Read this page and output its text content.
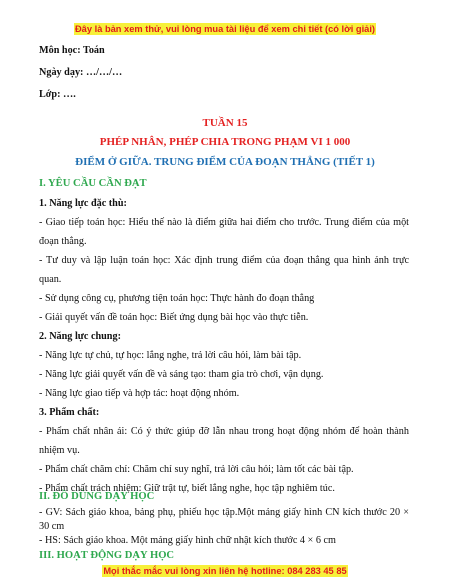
Đây là bản xem thử, vui lòng mua tài liệu để xem chi tiết (có lời giải)
Môn học: Toán
Ngày dạy: …/…/…
Lớp: ….
TUẦN 15
PHÉP NHÂN, PHÉP CHIA TRONG PHẠM VI 1 000
ĐIỂM Ở GIỮA. TRUNG ĐIỂM CỦA ĐOẠN THẲNG (TIẾT 1)
I. YÊU CẦU CẦN ĐẠT
1. Năng lực đặc thù:
- Giao tiếp toán học: Hiểu thế nào là điểm giữa hai điểm cho trước. Trung điểm của một
đoạn thẳng.
- Tư duy và lập luận toán học: Xác định trung điểm của đoạn thẳng qua hình ảnh trực
quan.
- Sử dụng công cụ, phương tiện toán học: Thực hành đo đoạn thẳng
- Giải quyết vấn đề toán học: Biết ứng dụng bài học vào thực tiễn.
2. Năng lực chung:
- Năng lực tự chủ, tự học: lắng nghe, trả lời câu hỏi, làm bài tập.
- Năng lực giải quyết vấn đề và sáng tạo: tham gia trò chơi, vận dụng.
- Năng lực giao tiếp và hợp tác: hoạt động nhóm.
3. Phẩm chất:
- Phẩm chất nhân ái: Có ý thức giúp đỡ lẫn nhau trong hoạt động nhóm để hoàn thành
nhiệm vụ.
- Phẩm chất chăm chỉ: Chăm chỉ suy nghĩ, trả lời câu hỏi; làm tốt các bài tập.
- Phẩm chất trách nhiệm: Giữ trật tự, biết lắng nghe, học tập nghiêm túc.
II. ĐỒ DÙNG DẠY HỌC
- GV: Sách giáo khoa, bảng phụ, phiếu học tập.Một mảng giấy hình CN kích thước 20 ×
30 cm
Mọi thắc mắc vui lòng xin liên hệ hotline: 084 283 45 85
- HS: Sách giáo khoa. Một mảng giấy hình chữ nhật kích thước 4 × 6 cm
III. HOẠT ĐỘNG DẠY HỌC
